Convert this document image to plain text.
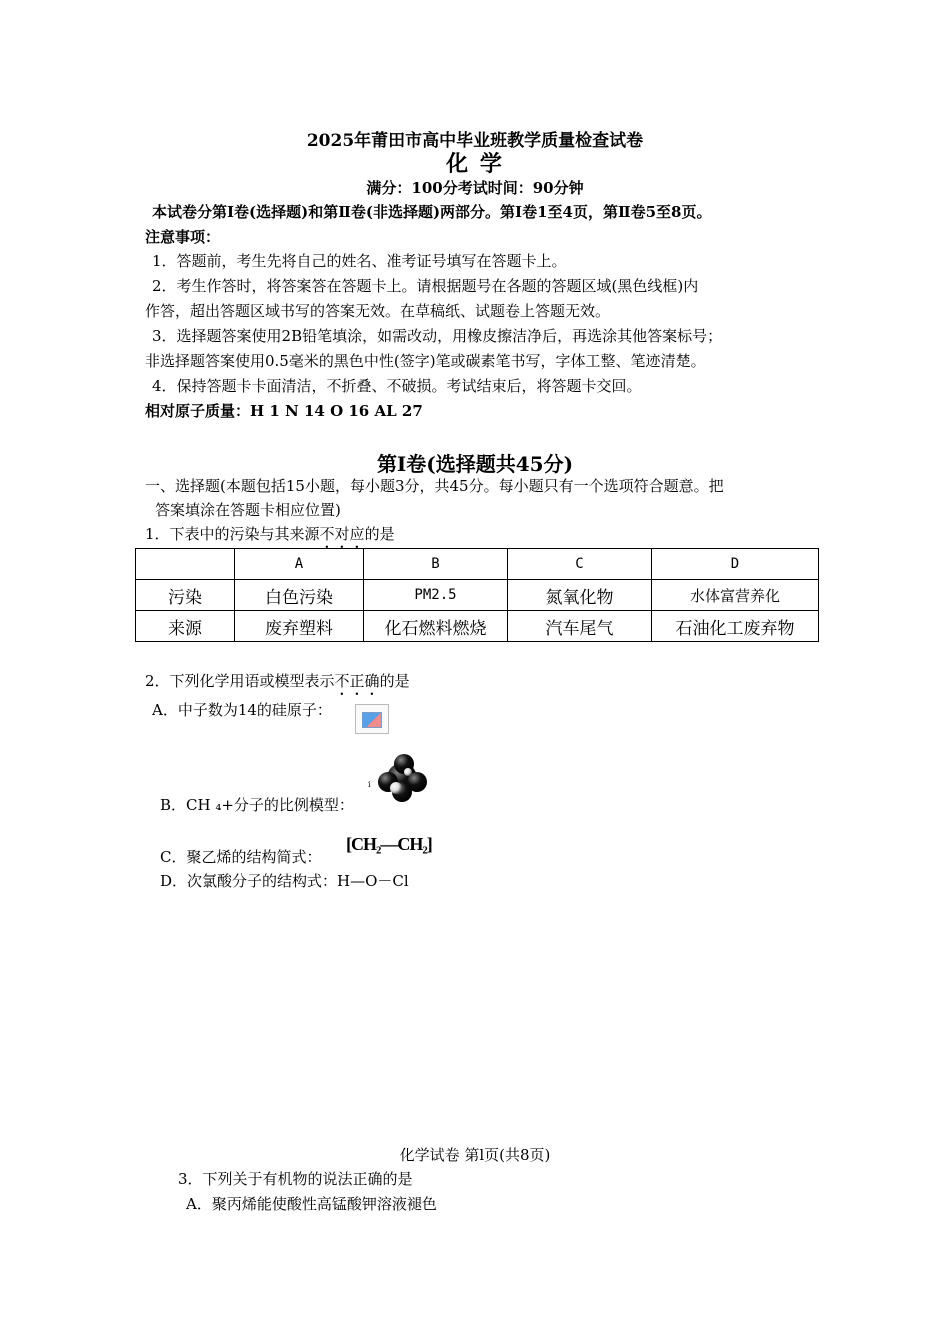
2025年莆田市高中毕业班教学质量检查试卷
化 学
满分：100分考试时间：90分钟
本试卷分第Ⅰ卷(选择题)和第Ⅱ卷(非选择题)两部分。第Ⅰ卷1至4页，第Ⅱ卷5至8页。
注意事项：
1．答题前，考生先将自己的姓名、准考证号填写在答题卡上。
2．考生作答时，将答案答在答题卡上。请根据题号在各题的答题区域(黑色线框)内
作答，超出答题区域书写的答案无效。在草稿纸、试题卷上答题无效。
3．选择题答案使用2B铅笔填涂，如需改动，用橡皮擦洁净后，再选涂其他答案标号；
非选择题答案使用0.5毫米的黑色中性(签字)笔或碳素笔书写，字体工整、笔迹清楚。
4．保持答题卡卡面清洁，不折叠、不破损。考试结束后，将答题卡交回。
相对原子质量：H 1 N 14 O 16 AL 27
第Ⅰ卷(选择题共45分)
一、选择题(本题包括15小题，每小题3分，共45分。每小题只有一个选项符合题意。把
答案填涂在答题卡相应位置)
1．下表中的污染与其来源不对应的是
	A	B	C	D
污染	白色污染	PM2.5	氮氧化物	水体富营养化
来源	废弃塑料	化石燃料燃烧	汽车尾气	石油化工废弃物
2．下列化学用语或模型表示不正确的是
A．中子数为14的硅原子：
ⅰ
B．CH ₄+分子的比例模型：
C．聚乙烯的结构简式：
[CH₂—CH₂]
D．次氯酸分子的结构式：H—O－Cl
化学试卷 第l页(共8页)
3．下列关于有机物的说法正确的是
A．聚丙烯能使酸性高锰酸钾溶液褪色
